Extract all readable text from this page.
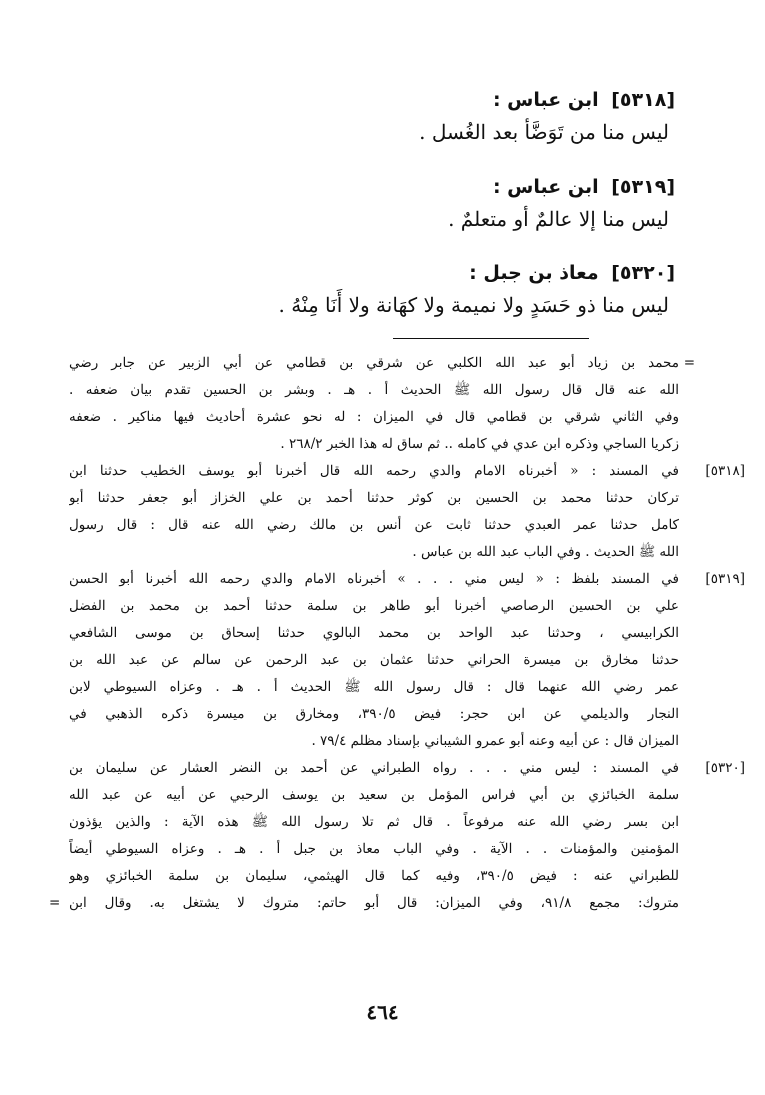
[٥٣١٨] ابن عباس :
ليس منا من تَوَضَّأ بعد الغُسل .
[٥٣١٩] ابن عباس :
ليس منا إلا عالمٌ أو متعلمٌ .
[٥٣٢٠] معاذ بن جبل :
ليس منا ذو حَسَدٍ ولا نميمة ولا كهَانة ولا أَنَا مِنْهُ .
=
محمد بن زياد أبو عبد الله الكلبي عن شرقي بن قطامي عن أبي الزبير عن جابر رضي
الله عنه قال قال رسول الله ﷺ الحديث أ . هـ . وبشر بن الحسين تقدم بيان ضعفه .
وفي الثاني شرقي بن قطامي قال في الميزان : له نحو عشرة أحاديث فيها مناكير . ضعفه
زكريا الساجي وذكره ابن عدي في كامله .. ثم ساق له هذا الخبر ٢٦٨/٢ .
[٥٣١٨]
في المسند : « أخبرناه الامام والدي رحمه الله قال أخبرنا أبو يوسف الخطيب حدثنا ابن
تركان حدثنا محمد بن الحسين بن كوثر حدثنا أحمد بن علي الخزاز أبو جعفر حدثنا أبو
كامل حدثنا عمر العبدي حدثنا ثابت عن أنس بن مالك رضي الله عنه قال : قال رسول
الله ﷺ الحديث . وفي الباب عبد الله بن عباس .
[٥٣١٩]
في المسند بلفظ : « ليس مني . . . » أخبرناه الامام والدي رحمه الله أخبرنا أبو الحسن
علي بن الحسين الرصاصي أخبرنا أبو طاهر بن سلمة حدثنا أحمد بن محمد بن الفضل
الكرابيسي ، وحدثنا عبد الواحد بن محمد البالوي حدثنا إسحاق بن موسى الشافعي
حدثنا مخارق بن ميسرة الحراني حدثنا عثمان بن عبد الرحمن عن سالم عن عبد الله بن
عمر رضي الله عنهما قال : قال رسول الله ﷺ الحديث أ . هـ . وعزاه السيوطي لابن
النجار والديلمي عن ابن حجر: فيض ٣٩٠/٥، ومخارق بن ميسرة ذكره الذهبي في
الميزان قال : عن أبيه وعنه أبو عمرو الشيباني بإسناد مظلم ٧٩/٤ .
[٥٣٢٠]
في المسند : ليس مني . . . رواه الطبراني عن أحمد بن النضر العشار عن سليمان بن
سلمة الخبائزي بن أبي فراس المؤمل بن سعيد بن يوسف الرحبي عن أبيه عن عبد الله
ابن بسر رضي الله عنه مرفوعاً . قال ثم تلا رسول الله ﷺ هذه الآية : والذين يؤذون
المؤمنين والمؤمنات . . الآية . وفي الباب معاذ بن جبل أ . هـ . وعزاه السيوطي أيضاً
للطبراني عنه : فيض ٣٩٠/٥، وفيه كما قال الهيثمي، سليمان بن سلمة الخبائزي وهو
متروك: مجمع ٩١/٨، وفي الميزان: قال أبو حاتم: متروك لا يشتغل به. وقال ابن
=
٤٦٤
